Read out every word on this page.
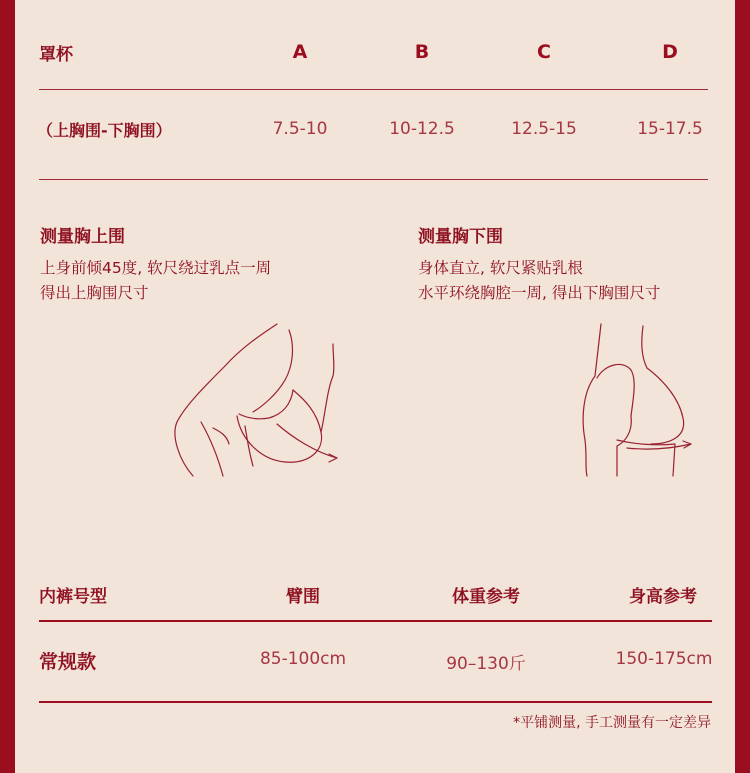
罩杯	A	B	C	D
（上胸围-下胸围）	7.5-10	10-12.5	12.5-15	15-17.5
测量胸上围
上身前倾45度, 软尺绕过乳点一周
得出上胸围尺寸
测量胸下围
身体直立, 软尺紧贴乳根
水平环绕胸腔一周, 得出下胸围尺寸
内裤号型	臂围	体重参考	身高参考
常规款	85-100cm	90–130斤	150-175cm
*平铺测量, 手工测量有一定差异
